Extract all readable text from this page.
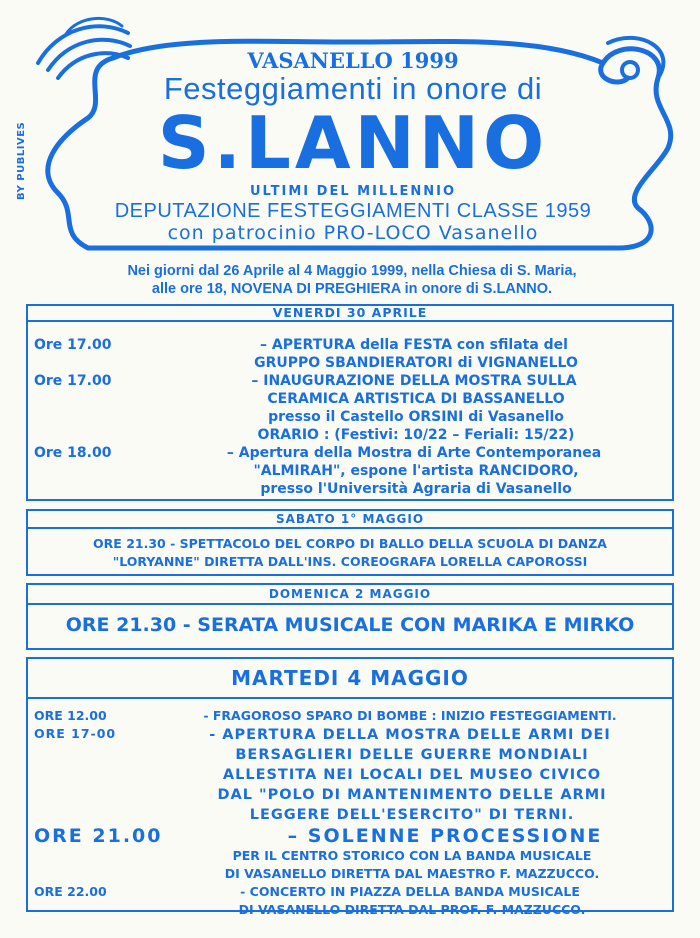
BY PUBLIVES
VASANELLO 1999
Festeggiamenti in onore di
S.LANNO
ULTIMI DEL MILLENNIO
DEPUTAZIONE FESTEGGIAMENTI CLASSE 1959
con patrocinio PRO-LOCO Vasanello
Nei giorni dal 26 Aprile al 4 Maggio 1999, nella Chiesa di S. Maria,
alle ore 18, NOVENA DI PREGHIERA in onore di S.LANNO.
VENERDI 30 APRILE
Ore 17.00	– APERTURA della FESTA con sfilata del
GRUPPO SBANDIERATORI di VIGNANELLO
Ore 17.00	– INAUGURAZIONE DELLA MOSTRA SULLA
CERAMICA ARTISTICA DI BASSANELLO
presso il Castello ORSINI di Vasanello
ORARIO : (Festivi: 10/22 – Feriali: 15/22)
Ore 18.00	– Apertura della Mostra di Arte Contemporanea
"ALMIRAH", espone l'artista RANCIDORO,
presso l'Università Agraria di Vasanello
SABATO 1° MAGGIO
ORE 21.30 - SPETTACOLO DEL CORPO DI BALLO DELLA SCUOLA DI DANZA
"LORYANNE" DIRETTA DALL'INS. COREOGRAFA LORELLA CAPOROSSI
DOMENICA 2 MAGGIO
ORE 21.30 - SERATA MUSICALE CON MARIKA E MIRKO
MARTEDI 4 MAGGIO
ORE 12.00	- FRAGOROSO SPARO DI BOMBE : INIZIO FESTEGGIAMENTI.
ORE 17-00	- APERTURA DELLA MOSTRA DELLE ARMI DEI
BERSAGLIERI DELLE GUERRE MONDIALI
ALLESTITA NEI LOCALI DEL MUSEO CIVICO
DAL "POLO DI MANTENIMENTO DELLE ARMI
LEGGERE DELL'ESERCITO" DI TERNI.
ORE 21.00	– SOLENNE PROCESSIONE
PER IL CENTRO STORICO CON LA BANDA MUSICALE
DI VASANELLO DIRETTA DAL MAESTRO F. MAZZUCCO.
ORE 22.00	- CONCERTO IN PIAZZA DELLA BANDA MUSICALE
DI VASANELLO DIRETTA DAL PROF. F. MAZZUCCO.
